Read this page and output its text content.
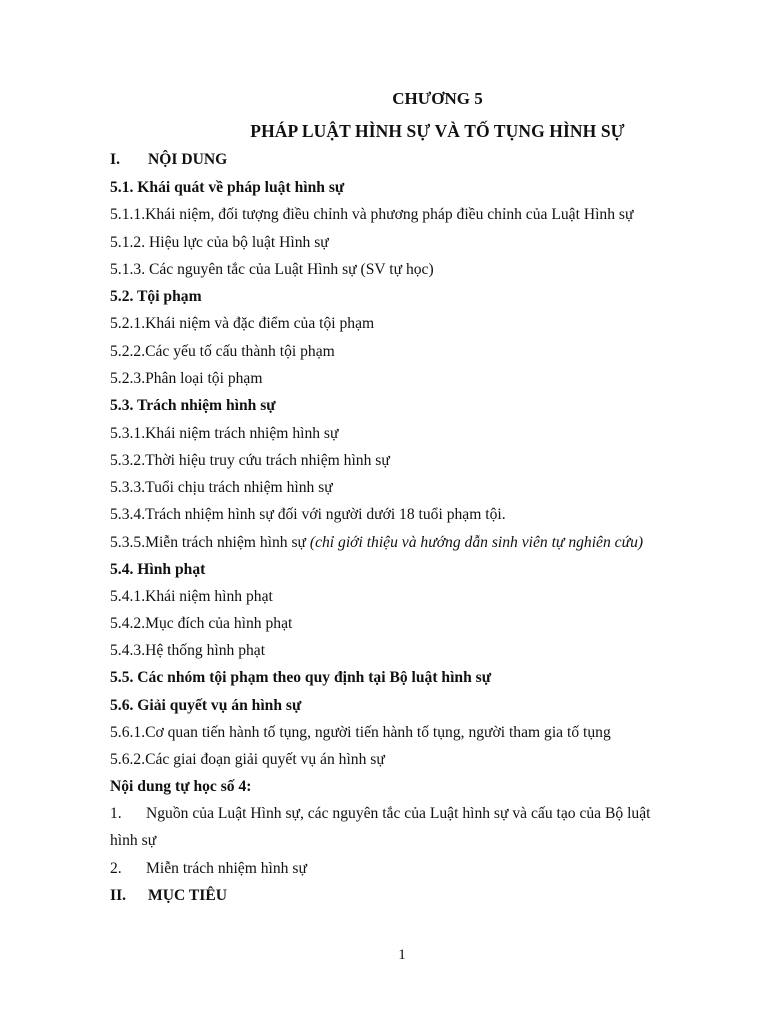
CHƯƠNG 5
PHÁP LUẬT HÌNH SỰ VÀ TỐ TỤNG HÌNH SỰ
I. NỘI DUNG
5.1. Khái quát về pháp luật hình sự
5.1.1.Khái niệm, đối tượng điều chỉnh và phương pháp điều chỉnh của Luật Hình sự
5.1.2. Hiệu lực của bộ luật Hình sự
5.1.3. Các nguyên tắc của Luật Hình sự (SV tự học)
5.2. Tội phạm
5.2.1.Khái niệm và đặc điểm của tội phạm
5.2.2.Các yếu tố cấu thành tội phạm
5.2.3.Phân loại tội phạm
5.3. Trách nhiệm hình sự
5.3.1.Khái niệm trách nhiệm hình sự
5.3.2.Thời hiệu truy cứu trách nhiệm hình sự
5.3.3.Tuổi chịu trách nhiệm hình sự
5.3.4.Trách nhiệm hình sự đối với người dưới 18 tuổi phạm tội.
5.3.5.Miễn trách nhiệm hình sự (chỉ giới thiệu và hướng dẫn sinh viên tự nghiên cứu)
5.4. Hình phạt
5.4.1.Khái niệm hình phạt
5.4.2.Mục đích của hình phạt
5.4.3.Hệ thống hình phạt
5.5. Các nhóm tội phạm theo quy định tại Bộ luật hình sự
5.6. Giải quyết vụ án hình sự
5.6.1.Cơ quan tiến hành tố tụng, người tiến hành tố tụng, người tham gia tố tụng
5.6.2.Các giai đoạn giải quyết vụ án hình sự
Nội dung tự học số 4:
1. Nguồn của Luật Hình sự, các nguyên tắc của Luật hình sự và cấu tạo của Bộ luật
hình sự
2. Miễn trách nhiệm hình sự
II. MỤC TIÊU
1
